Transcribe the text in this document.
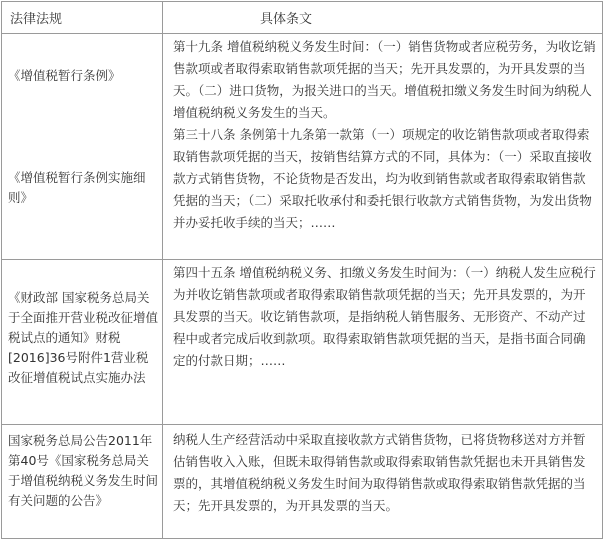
法律法规	具体条文
《增值税暂行条例》
《增值税暂行条例实施细则》

第十九条 增值税纳税义务发生时间：（一）销售货物或者应税劳务，为收讫销售款项或者取得索取销售款项凭据的当天；先开具发票的，为开具发票的当天。（二）进口货物，为报关进口的当天。增值税扣缴义务发生时间为纳税人增值税纳税义务发生的当天。

第三十八条 条例第十九条第一款第（一）项规定的收讫销售款项或者取得索取销售款项凭据的当天，按销售结算方式的不同，具体为：（一）采取直接收款方式销售货物，不论货物是否发出，均为收到销售款或者取得索取销售款凭据的当天；（二）采取托收承付和委托银行收款方式销售货物，为发出货物并办妥托收手续的当天；……

《财政部 国家税务总局关于全面推开营业税改征增值税试点的通知》财税[2016]36号附件1营业税改征增值税试点实施办法
第四十五条 增值税纳税义务、扣缴义务发生时间为：（一）纳税人发生应税行为并收讫销售款项或者取得索取销售款项凭据的当天；先开具发票的，为开具发票的当天。收讫销售款项，是指纳税人销售服务、无形资产、不动产过程中或者完成后收到款项。取得索取销售款项凭据的当天，是指书面合同确定的付款日期；……
国家税务总局公告2011年第40号《国家税务总局关于增值税纳税义务发生时间有关问题的公告》
纳税人生产经营活动中采取直接收款方式销售货物，已将货物移送对方并暂估销售收入入账，但既未取得销售款或取得索取销售款凭据也未开具销售发票的，其增值税纳税义务发生时间为取得销售款或取得索取销售款凭据的当天；先开具发票的，为开具发票的当天。
